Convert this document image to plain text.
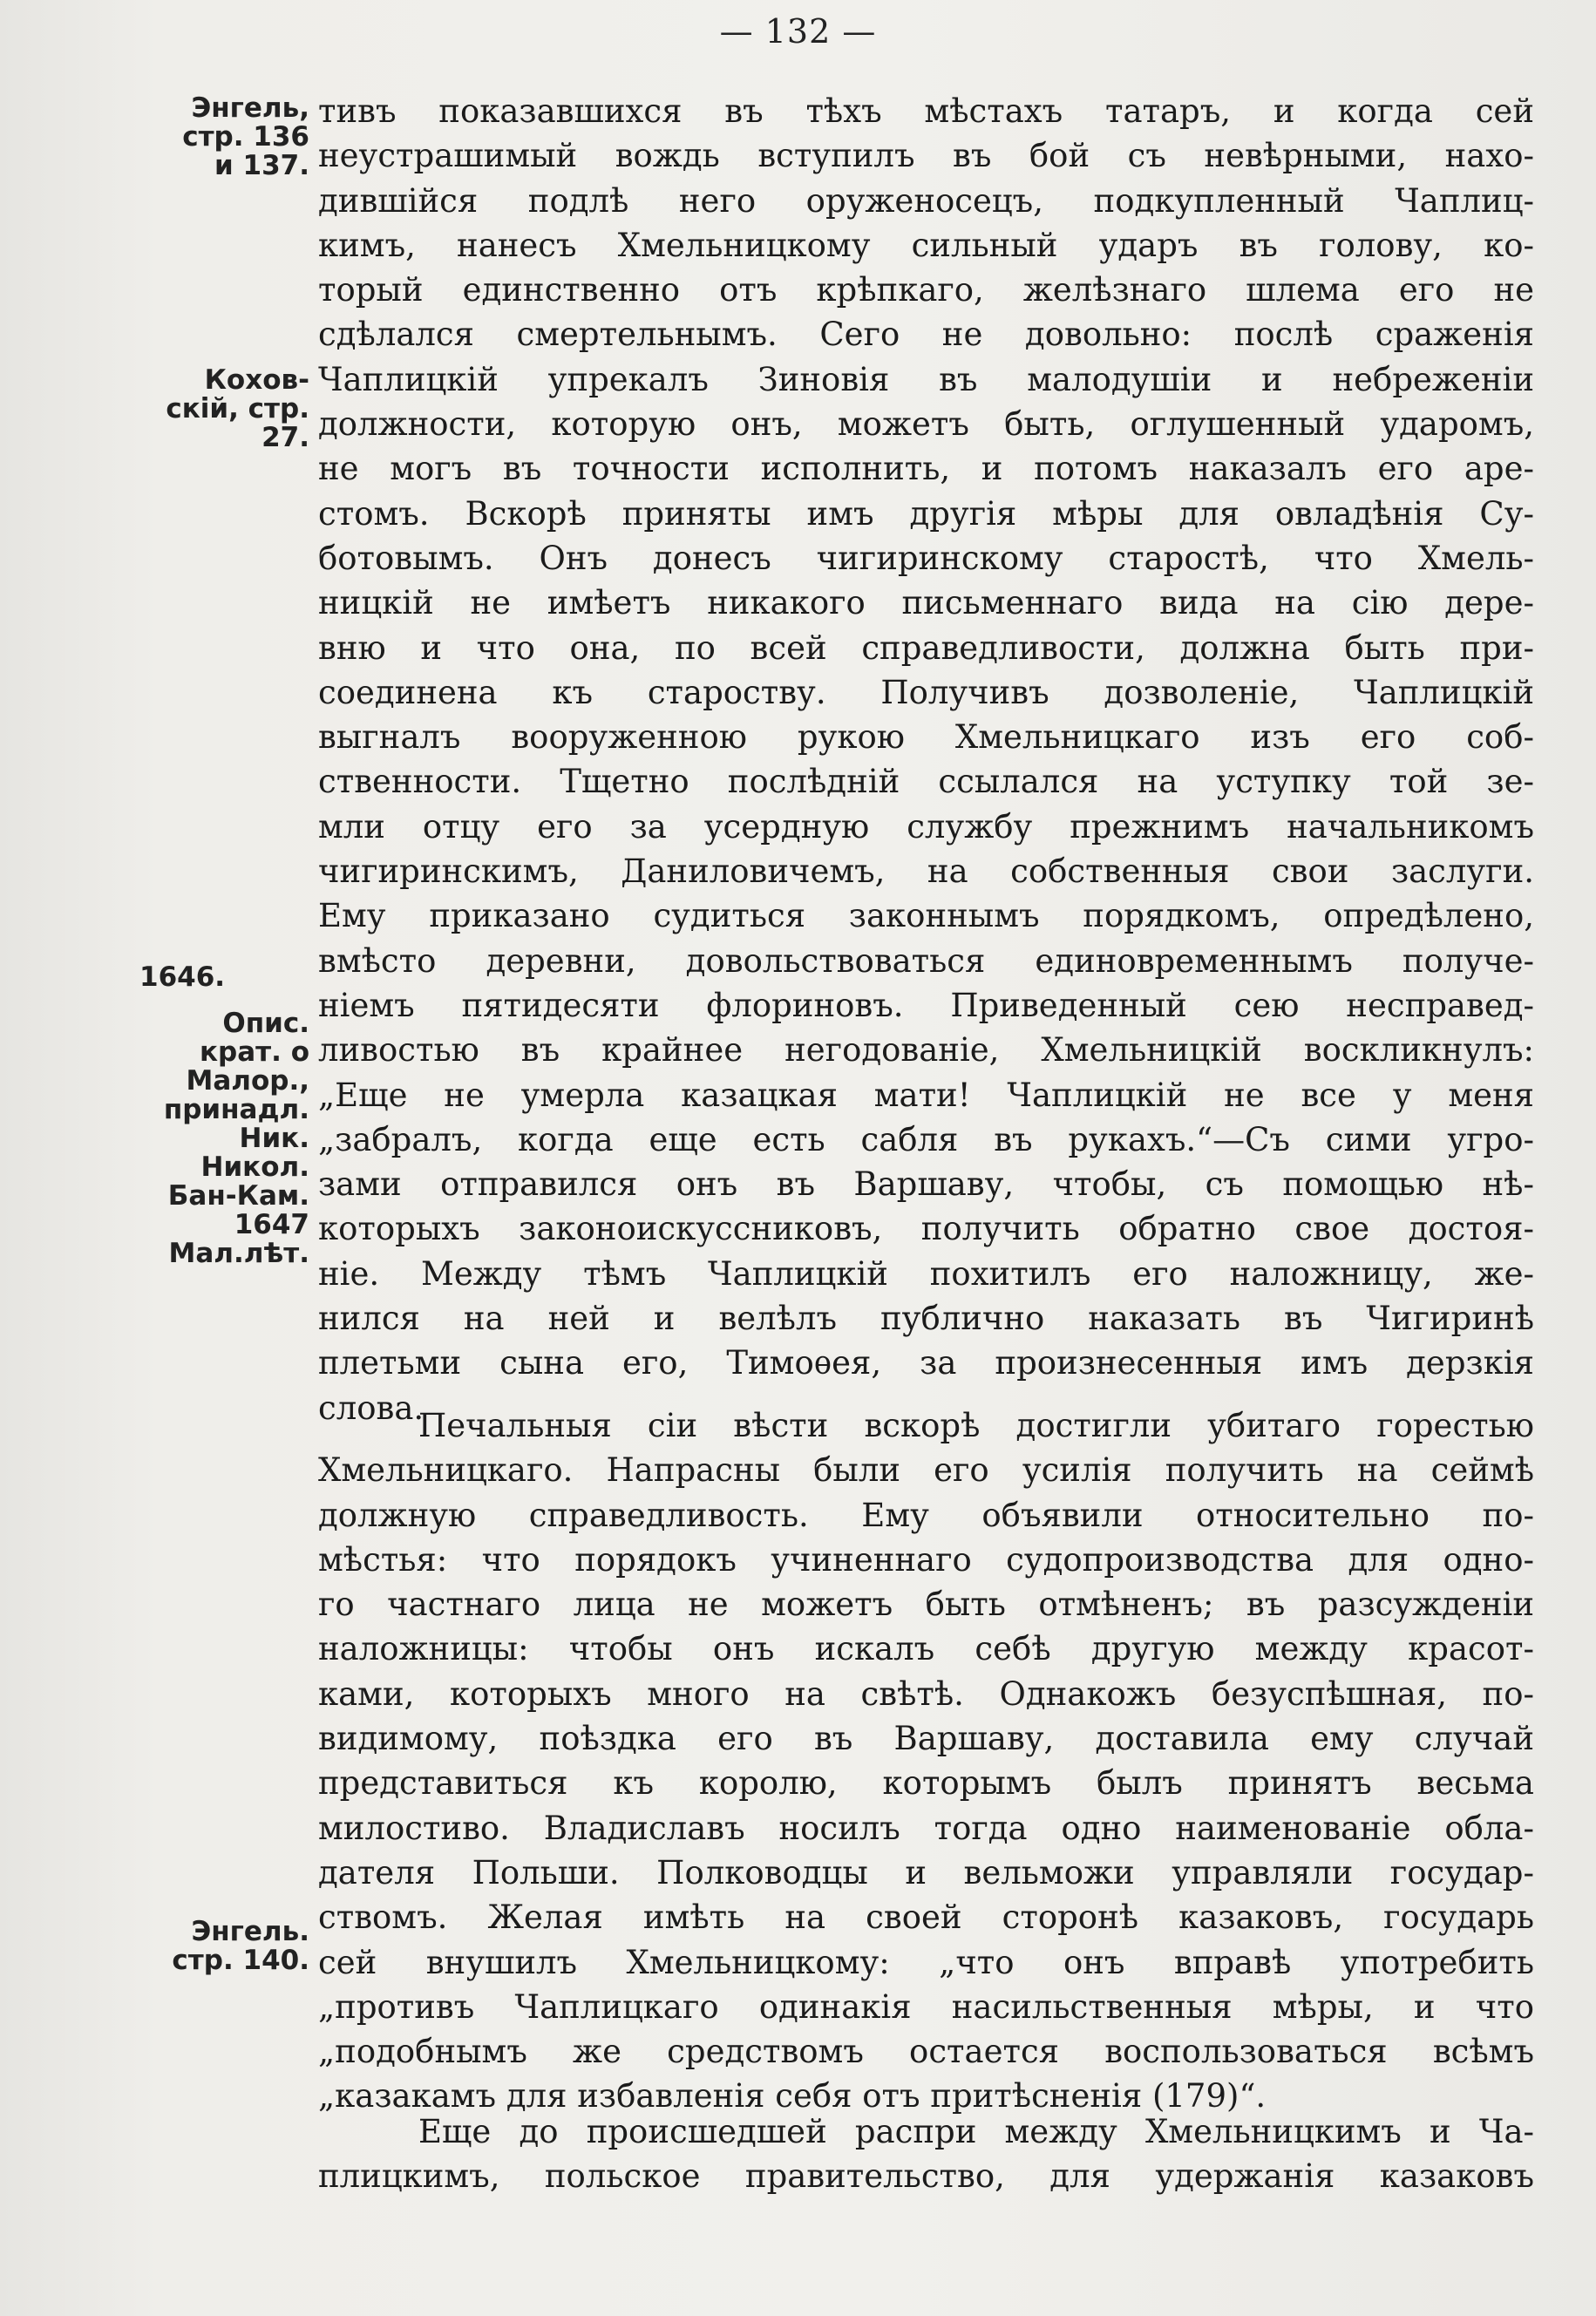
— 132 —
Энгель,
стр. 136
и 137.
Кохов-
скій, стр.
27.
1646.
Опис.
крат. о
Малор.,
принадл.
Ник.
Никол.
Бан-Кам.
1647
Мал.лѣт.
Энгель.
стр. 140.
тивъ показавшихся въ тѣхъ мѣстахъ татаръ, и когда сей
неустрашимый вождь вступилъ въ бой съ невѣрными, нахо-
дившійся подлѣ него оруженосецъ, подкупленный Чаплиц-
кимъ, нанесъ Хмельницкому сильный ударъ въ голову, ко-
торый единственно отъ крѣпкаго, желѣзнаго шлема его не
сдѣлался смертельнымъ. Сего не довольно: послѣ сраженія
Чаплицкій упрекалъ Зиновія въ малодушіи и небреженіи
должности, которую онъ, можетъ быть, оглушенный ударомъ,
не могъ въ точности исполнить, и потомъ наказалъ его аре-
стомъ. Вскорѣ приняты имъ другія мѣры для овладѣнія Су-
ботовымъ. Онъ донесъ чигиринскому старостѣ, что Хмель-
ницкій не имѣетъ никакого письменнаго вида на сію дере-
вню и что она, по всей справедливости, должна быть при-
соединена къ староству. Получивъ дозволеніе, Чаплицкій
выгналъ вооруженною рукою Хмельницкаго изъ его соб-
ственности. Тщетно послѣдній ссылался на уступку той зе-
мли отцу его за усердную службу прежнимъ начальникомъ
чигиринскимъ, Даниловичемъ, на собственныя свои заслуги.
Ему приказано судиться законнымъ порядкомъ, опредѣлено,
вмѣсто деревни, довольствоваться единовременнымъ получе-
ніемъ пятидесяти флориновъ. Приведенный сею несправед-
ливостью въ крайнее негодованіе, Хмельницкій воскликнулъ:
„Еще не умерла казацкая мати! Чаплицкій не все у меня
„забралъ, когда еще есть сабля въ рукахъ.“—Съ сими угро-
зами отправился онъ въ Варшаву, чтобы, съ помощью нѣ-
которыхъ законоискуссниковъ, получить обратно свое достоя-
ніе. Между тѣмъ Чаплицкій похитилъ его наложницу, же-
нился на ней и велѣлъ публично наказать въ Чигиринѣ
плетьми сына его, Тимоѳея, за произнесенныя имъ дерзкія
слова.
Печальныя сіи вѣсти вскорѣ достигли убитаго горестью
Хмельницкаго. Напрасны были его усилія получить на сеймѣ
должную справедливость. Ему объявили относительно по-
мѣстья: что порядокъ учиненнаго судопроизводства для одно-
го частнаго лица не можетъ быть отмѣненъ; въ разсужденіи
наложницы: чтобы онъ искалъ себѣ другую между красот-
ками, которыхъ много на свѣтѣ. Однакожъ безуспѣшная, по-
видимому, поѣздка его въ Варшаву, доставила ему случай
представиться къ королю, которымъ былъ принятъ весьма
милостиво. Владиславъ носилъ тогда одно наименованіе обла-
дателя Польши. Полководцы и вельможи управляли государ-
ствомъ. Желая имѣть на своей сторонѣ казаковъ, государь
сей внушилъ Хмельницкому: „что онъ вправѣ употребить
„противъ Чаплицкаго одинакія насильственныя мѣры, и что
„подобнымъ же средствомъ остается воспользоваться всѣмъ
„казакамъ для избавленія себя отъ притѣсненія (179)“.
Еще до происшедшей распри между Хмельницкимъ и Ча-
плицкимъ, польское правительство, для удержанія казаковъ
